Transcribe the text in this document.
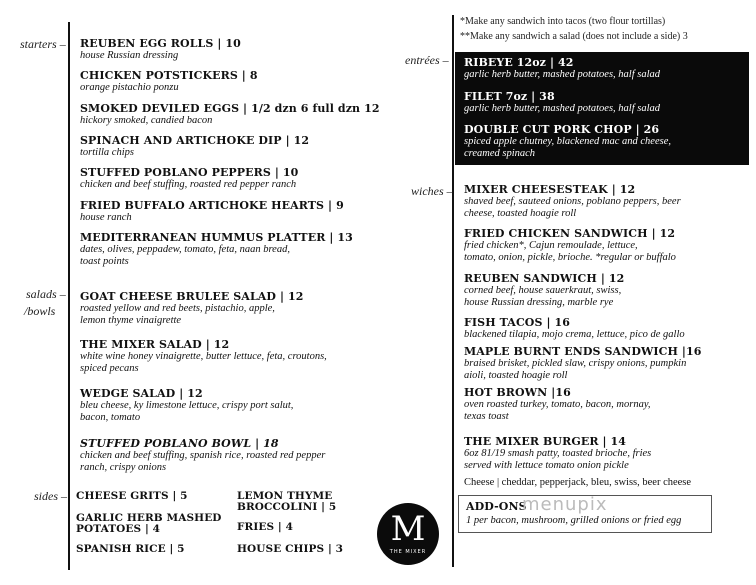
starters –
salads –
/bowls
sides –
REUBEN EGG ROLLS | 10
house Russian dressing
CHICKEN POTSTICKERS | 8
orange pistachio ponzu
SMOKED DEVILED EGGS | 1/2 dzn 6 full dzn 12
hickory smoked, candied bacon
SPINACH AND ARTICHOKE DIP | 12
tortilla chips
STUFFED POBLANO PEPPERS | 10
chicken and beef stuffing, roasted red pepper ranch
FRIED BUFFALO ARTICHOKE HEARTS | 9
house ranch
MEDITERRANEAN HUMMUS PLATTER | 13
dates, olives, peppadew, tomato, feta, naan bread,
toast points
GOAT CHEESE BRULEE SALAD | 12
roasted yellow and red beets, pistachio, apple,
lemon thyme vinaigrette
THE MIXER SALAD | 12
white wine honey vinaigrette, butter lettuce, feta, croutons,
spiced pecans
WEDGE SALAD | 12
bleu cheese, ky limestone lettuce, crispy port salut,
bacon, tomato
STUFFED POBLANO BOWL | 18
chicken and beef stuffing, spanish rice, roasted red pepper
ranch, crispy onions
CHEESE GRITS | 5
GARLIC HERB MASHED
POTATOES | 4
SPANISH RICE | 5
LEMON THYME
BROCCOLINI | 5
FRIES | 4
HOUSE CHIPS | 3	M
THE MIXER
*Make any sandwich into tacos (two flour tortillas)
**Make any sandwich a salad (does not include a side) 3
entrées – RIBEYE 12oz | 42
garlic herb butter, mashed potatoes, half salad
FILET 7oz | 38
garlic herb butter, mashed potatoes, half salad
DOUBLE CUT PORK CHOP | 26
spiced apple chutney, blackened mac and cheese,
creamed spinach
wiches – MIXER CHEESESTEAK | 12
shaved beef, sauteed onions, poblano peppers, beer
cheese, toasted hoagie roll
FRIED CHICKEN SANDWICH | 12
fried chicken*, Cajun remoulade, lettuce,
tomato, onion, pickle, brioche. *regular or buffalo
REUBEN SANDWICH | 12
corned beef, house sauerkraut, swiss,
house Russian dressing, marble rye
FISH TACOS | 16
blackened tilapia, mojo crema, lettuce, pico de gallo
MAPLE BURNT ENDS SANDWICH |16
braised brisket, pickled slaw, crispy onions, pumpkin
aioli, toasted hoagie roll
HOT BROWN |16
oven roasted turkey, tomato, bacon, mornay,
texas toast
THE MIXER BURGER | 14
6oz 81/19 smash patty, toasted brioche, fries
served with lettuce tomato onion pickle
Cheese | cheddar, pepperjack, bleu, swiss, beer cheese
ADD-ONS
1 per bacon, mushroom, grilled onions or fried egg
menupix
